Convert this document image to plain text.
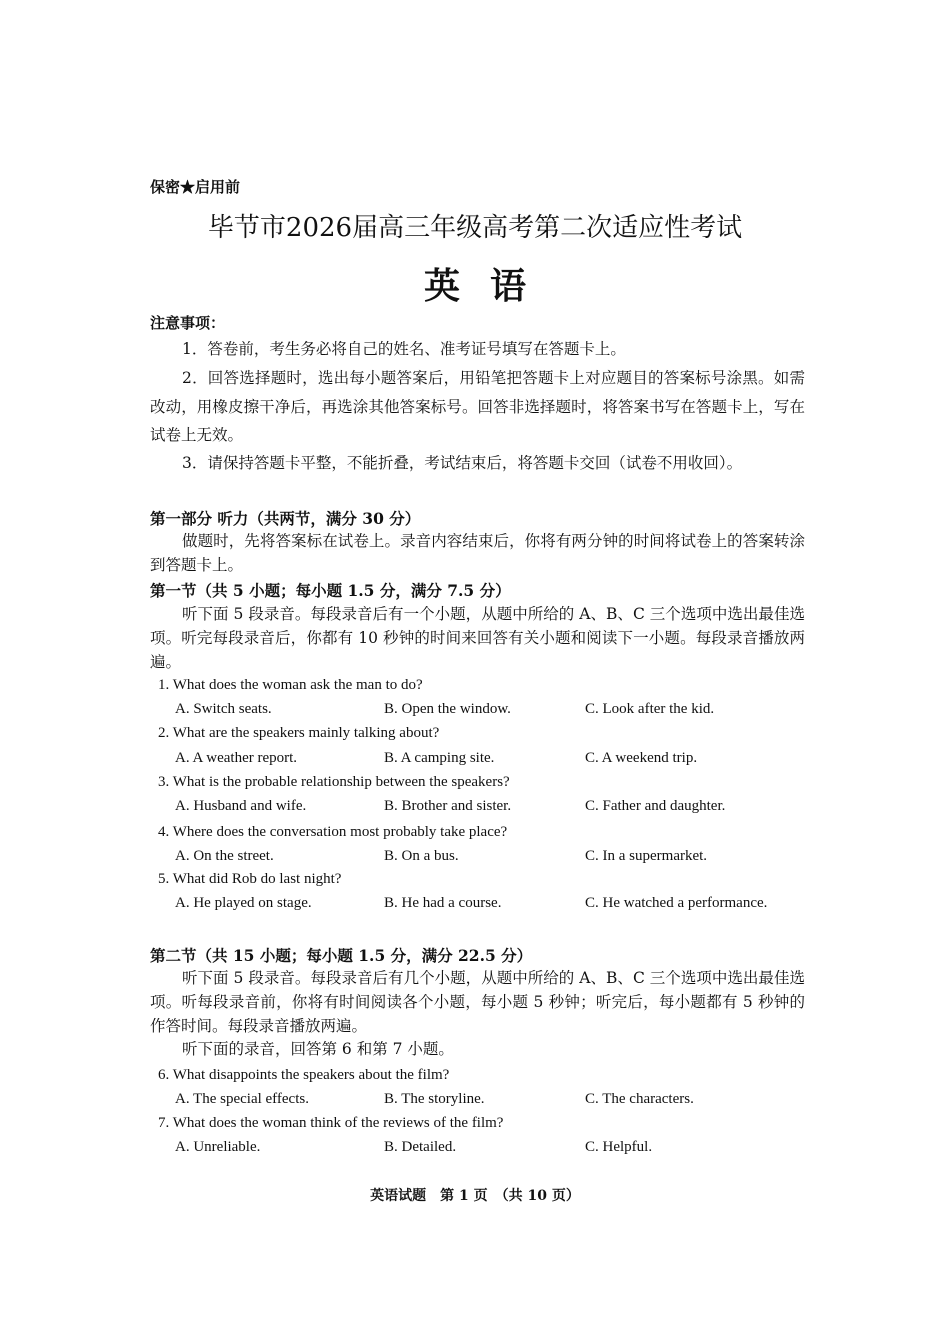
保密★启用前
毕节市2026届高三年级高考第二次适应性考试
英语
注意事项：
1．答卷前，考生务必将自己的姓名、准考证号填写在答题卡上。
2．回答选择题时，选出每小题答案后，用铅笔把答题卡上对应题目的答案标号涂黑。如需改动，用橡皮擦干净后，再选涂其他答案标号。回答非选择题时，将答案书写在答题卡上，写在试卷上无效。
3．请保持答题卡平整，不能折叠，考试结束后，将答题卡交回（试卷不用收回）。
第一部分 听力（共两节，满分 30 分）
做题时，先将答案标在试卷上。录音内容结束后，你将有两分钟的时间将试卷上的答案转涂到答题卡上。
第一节（共 5 小题；每小题 1.5 分，满分 7.5 分）
听下面 5 段录音。每段录音后有一个小题，从题中所给的 A、B、C 三个选项中选出最佳选项。听完每段录音后，你都有 10 秒钟的时间来回答有关小题和阅读下一小题。每段录音播放两遍。
1. What does the woman ask the man to do?
A. Switch seats.	B. Open the window.	C. Look after the kid.
2. What are the speakers mainly talking about?
A. A weather report.	B. A camping site.	C. A weekend trip.
3. What is the probable relationship between the speakers?
A. Husband and wife.	B. Brother and sister.	C. Father and daughter.
4. Where does the conversation most probably take place?
A. On the street.	B. On a bus.	C. In a supermarket.
5. What did Rob do last night?
A. He played on stage.	B. He had a course.	C. He watched a performance.
第二节（共 15 小题；每小题 1.5 分，满分 22.5 分）
听下面 5 段录音。每段录音后有几个小题，从题中所给的 A、B、C 三个选项中选出最佳选项。听每段录音前，你将有时间阅读各个小题，每小题 5 秒钟；听完后，每小题都有 5 秒钟的作答时间。每段录音播放两遍。
听下面的录音，回答第 6 和第 7 小题。
6. What disappoints the speakers about the film?
A. The special effects.	B. The storyline.	C. The characters.
7. What does the woman think of the reviews of the film?
A. Unreliable.	B. Detailed.	C. Helpful.
英语试题　第 1 页　（共 10 页）
